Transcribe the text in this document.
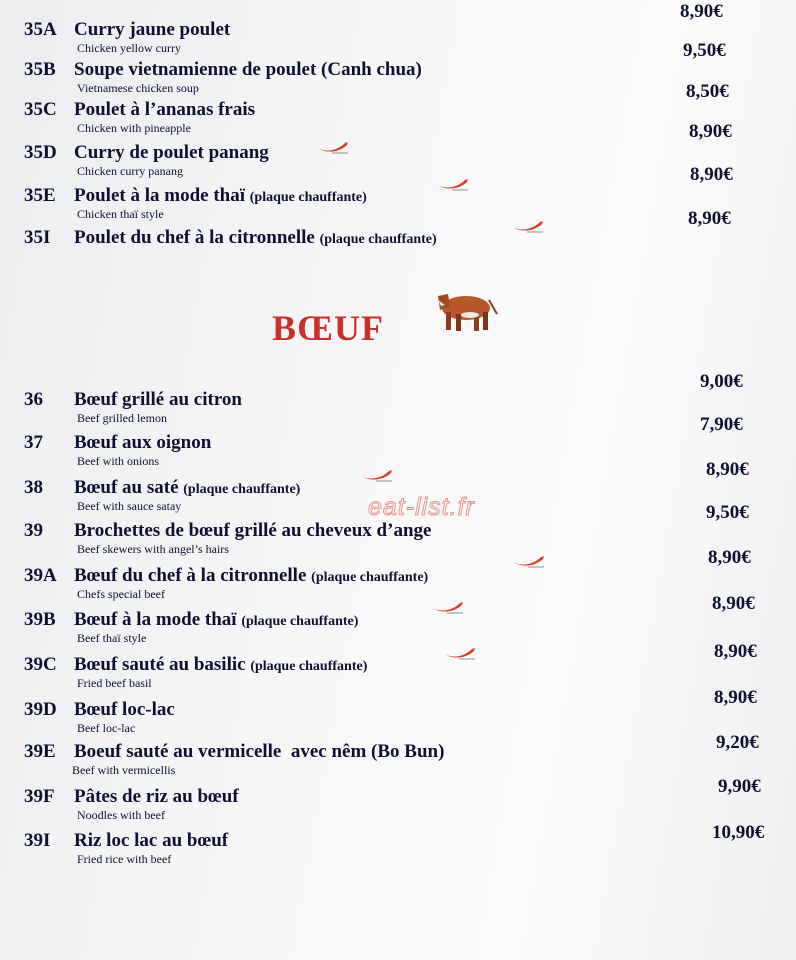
35A Curry jaune poulet
Chicken yellow curry
8,90€
35B Soupe vietnamienne de poulet (Canh chua)
Vietnamese chicken soup
9,50€
35C Poulet à l’ananas frais
Chicken with pineapple
8,50€
35D Curry de poulet panang
Chicken curry panang
8,90€
35E Poulet à la mode thaï (plaque chauffante)
Chicken thaï style
8,90€
35I Poulet du chef à la citronnelle (plaque chauffante)
8,90€
BŒUF
eat-list.fr
36 Bœuf grillé au citron
Beef grilled lemon
9,00€
37 Bœuf aux oignon
Beef with onions
7,90€
38 Bœuf au saté (plaque chauffante)
Beef with sauce satay
8,90€
39 Brochettes de bœuf grillé au cheveux d’ange
Beef skewers with angel’s hairs
9,50€
39A Bœuf du chef à la citronnelle (plaque chauffante)
Chefs special beef
8,90€
39B Bœuf à la mode thaï (plaque chauffante)
Beef thaï style
8,90€
39C Bœuf sauté au basilic (plaque chauffante)
Fried beef basil
8,90€
39D Bœuf loc-lac
Beef loc-lac
8,90€
39E Boeuf sauté au vermicelle  avec nêm (Bo Bun)
Beef with vermicellis
9,20€
39F Pâtes de riz au bœuf
Noodles with beef
9,90€
39I Riz loc lac au bœuf
Fried rice with beef
10,90€
